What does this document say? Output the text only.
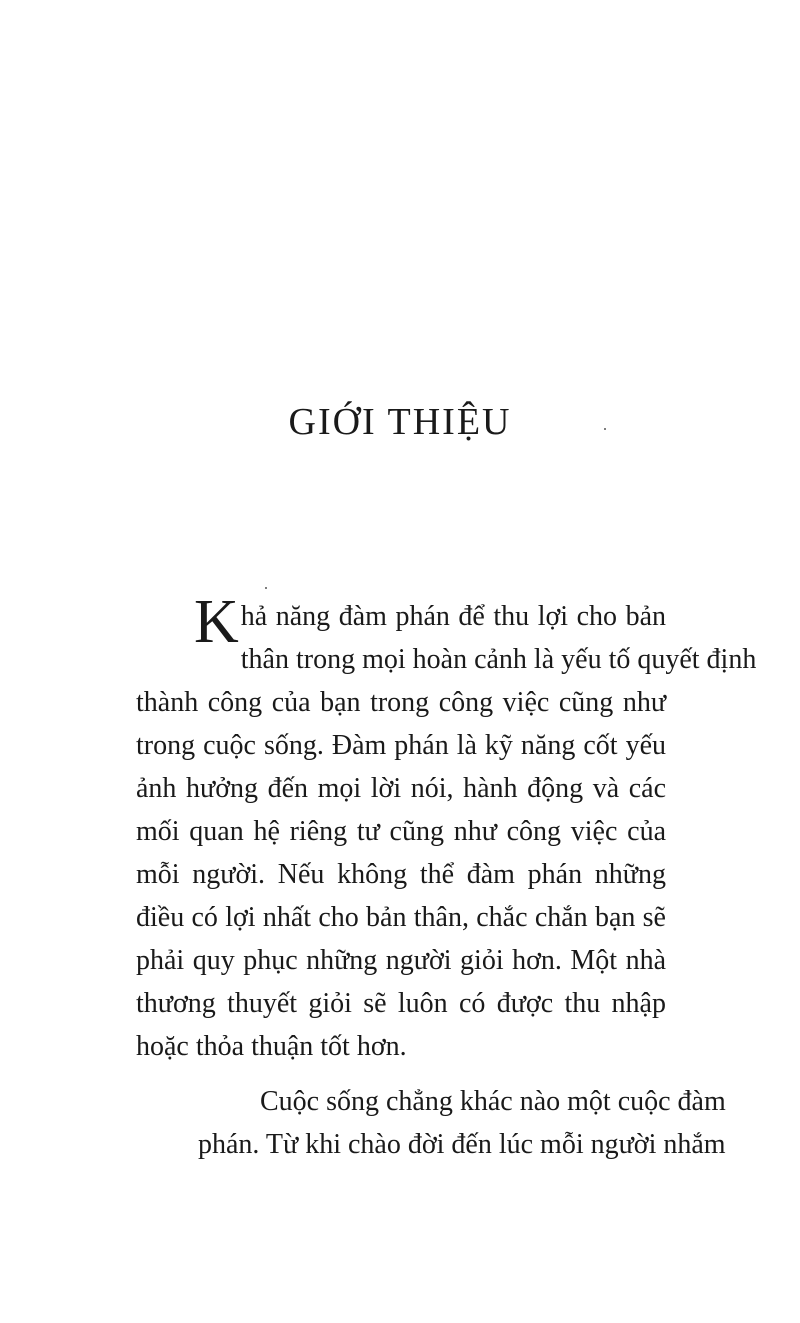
GIỚI THIỆU
K hả năng đàm phán để thu lợi cho bản
thân trong mọi hoàn cảnh là yếu tố quyết định
thành công của bạn trong công việc cũng như
trong cuộc sống. Đàm phán là kỹ năng cốt yếu
ảnh hưởng đến mọi lời nói, hành động và các
mối quan hệ riêng tư cũng như công việc của
mỗi người. Nếu không thể đàm phán những
điều có lợi nhất cho bản thân, chắc chắn bạn sẽ
phải quy phục những người giỏi hơn. Một nhà
thương thuyết giỏi sẽ luôn có được thu nhập
hoặc thỏa thuận tốt hơn.
Cuộc sống chẳng khác nào một cuộc đàm
phán. Từ khi chào đời đến lúc mỗi người nhắm
